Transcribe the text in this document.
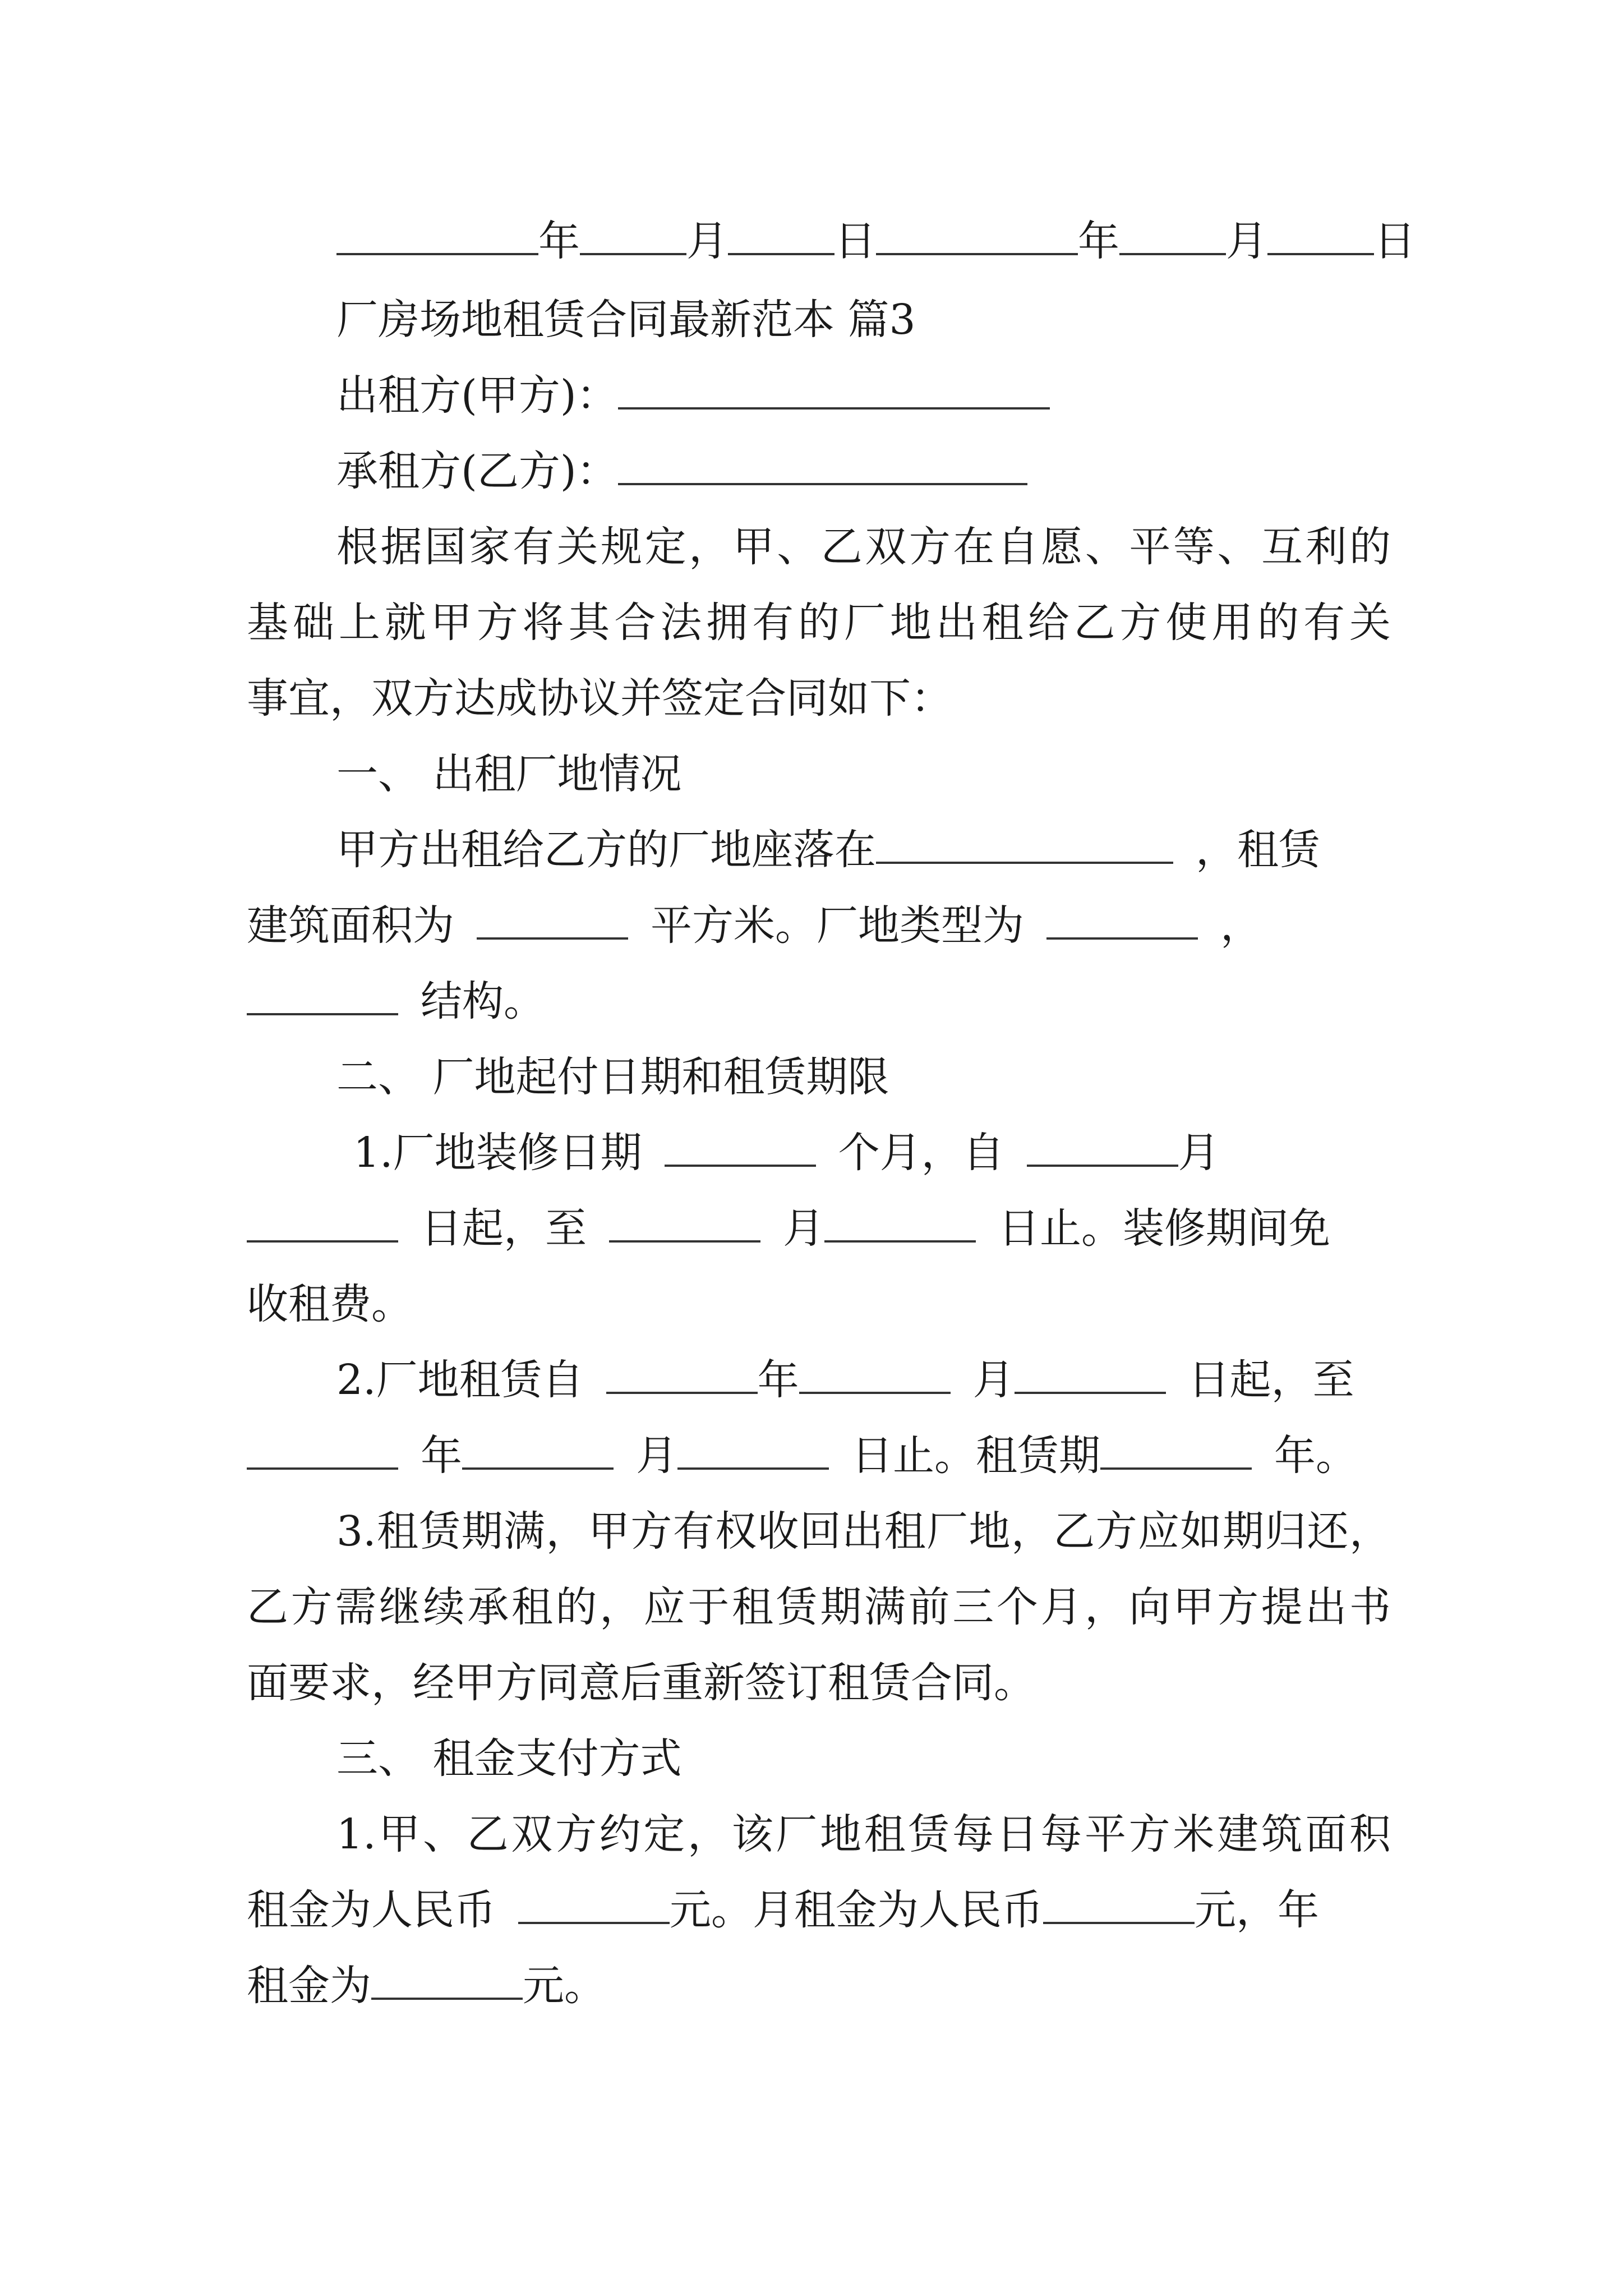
年	月	日	年	月	日
厂房场地租赁合同最新范本 篇3
出租方(甲方)：
承租方(乙方)：
根据国家有关规定，甲、乙双方在自愿、平等、互利的
基础上就甲方将其合法拥有的厂地出租给乙方使用的有关
事宜，双方达成协议并签定合同如下：
一、 出租厂地情况
甲方出租给乙方的厂地座落在	，租赁
建筑面积为	平方米。厂地类型为	，
结构。
二、 厂地起付日期和租赁期限
1.厂地装修日期	个月，自	月
日起，至	月	日止。装修期间免
收租费。
2.厂地租赁自	年	月	日起，至
年	月	日止。租赁期	年。
3.租赁期满，甲方有权收回出租厂地，乙方应如期归还，
乙方需继续承租的，应于租赁期满前三个月，向甲方提出书
面要求，经甲方同意后重新签订租赁合同。
三、 租金支付方式
1.甲、乙双方约定，该厂地租赁每日每平方米建筑面积
租金为人民币	元。月租金为人民币	元，年
租金为	元。
